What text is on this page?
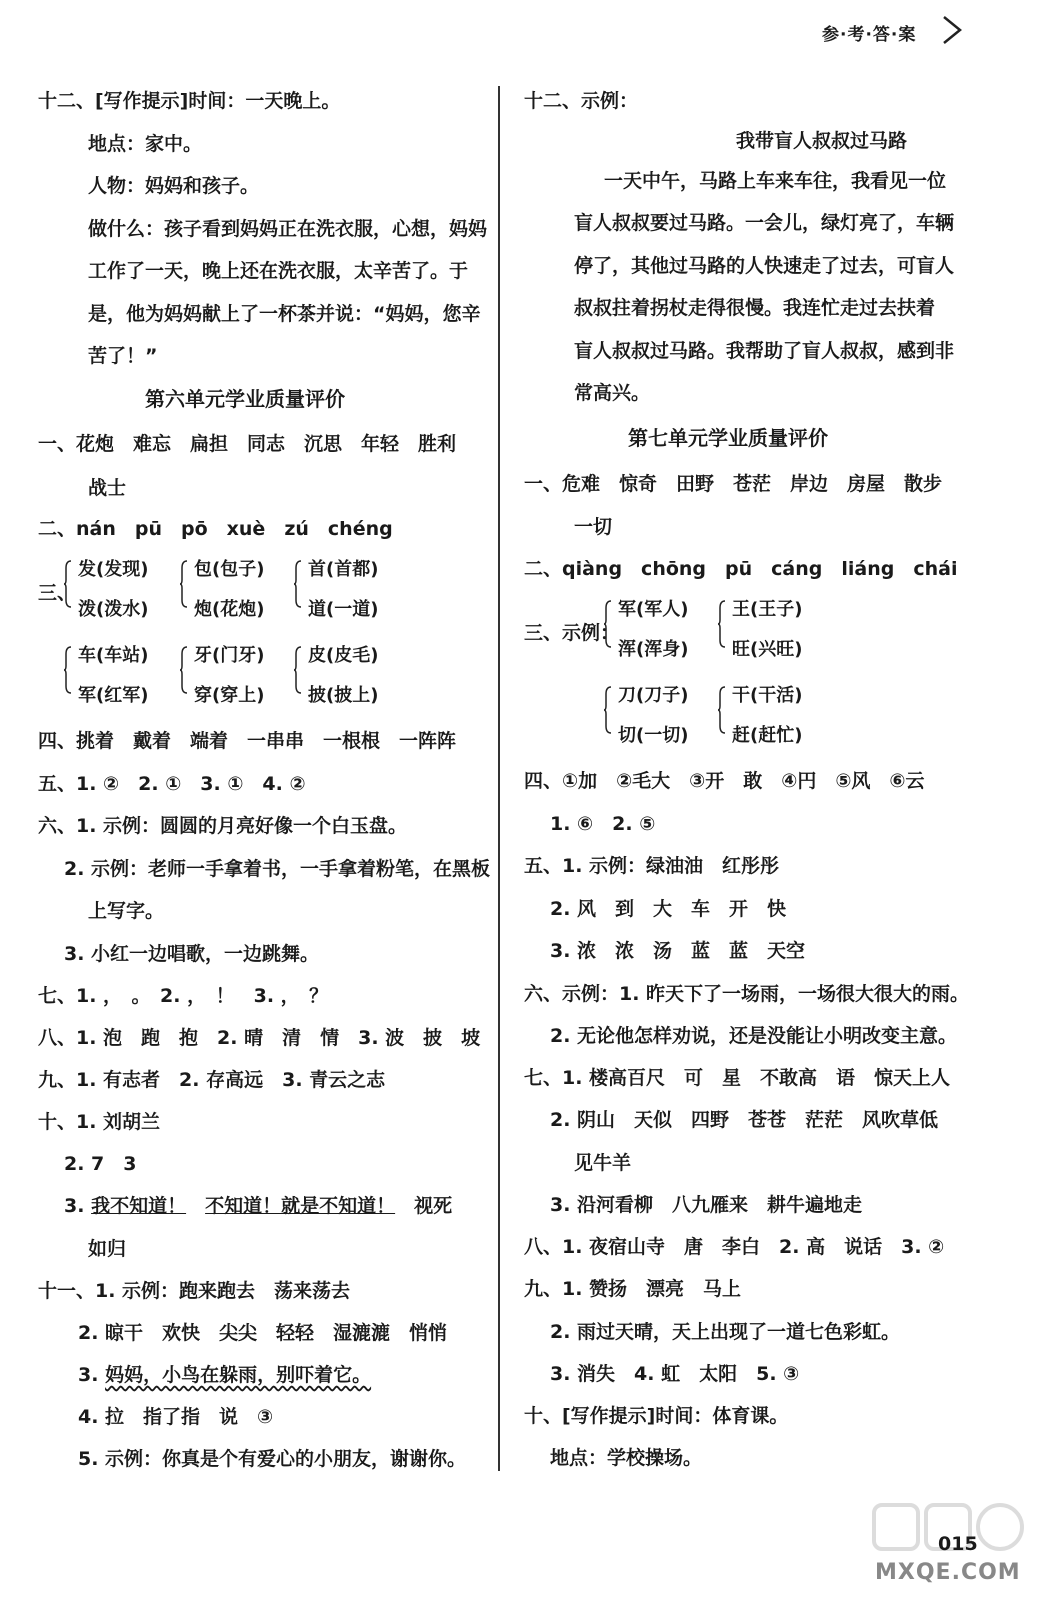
参·考·答·案
十二、[写作提示]时间：一天晚上。
地点：家中。
人物：妈妈和孩子。
做什么：孩子看到妈妈正在洗衣服，心想，妈妈
工作了一天，晚上还在洗衣服，太辛苦了。于
是，他为妈妈献上了一杯茶并说：“妈妈，您辛
苦了！”
第六单元学业质量评价
一、花炮　难忘　扁担　同志　沉思　年轻　胜利
战士
二、nán　pū　pō　xuè　zú　chéng
三、
发(发现)
泼(泼水)
包(包子)
炮(花炮)
首(首都)
道(一道)
车(车站)
军(红军)
牙(门牙)
穿(穿上)
皮(皮毛)
披(披上)
四、挑着　戴着　端着　一串串　一根根　一阵阵
五、1. ②　2. ①　3. ①　4. ②
六、1. 示例：圆圆的月亮好像一个白玉盘。
2. 示例：老师一手拿着书，一手拿着粉笔，在黑板
上写字。
3. 小红一边唱歌，一边跳舞。
七、1. ，　。　2. ，　！　3. ，　？
八、1. 泡　跑　抱　2. 晴　清　情　3. 波　披　坡
九、1. 有志者　2. 存高远　3. 青云之志
十、1. 刘胡兰
2. 7　3
3. 我不知道！　 不知道！就是不知道！　视死
如归
十一、1. 示例：跑来跑去　荡来荡去
2. 晾干　欢快　尖尖　轻轻　湿漉漉　悄悄
3. 妈妈，小鸟在躲雨，别吓着它。
4. 拉　指了指　说　③
5. 示例：你真是个有爱心的小朋友，谢谢你。
十二、示例：
我带盲人叔叔过马路
一天中午，马路上车来车往，我看见一位
盲人叔叔要过马路。一会儿，绿灯亮了，车辆
停了，其他过马路的人快速走了过去，可盲人
叔叔拄着拐杖走得很慢。我连忙走过去扶着
盲人叔叔过马路。我帮助了盲人叔叔，感到非
常高兴。
第七单元学业质量评价
一、危难　惊奇　田野　苍茫　岸边　房屋　散步
一切
二、qiàng　chōng　pū　cáng　liáng　chái
三、示例：
军(军人)
浑(浑身)
王(王子)
旺(兴旺)
刀(刀子)
切(一切)
干(干活)
赶(赶忙)
四、①加　②毛大　③开　敢　④円　⑤风　⑥云
1. ⑥　2. ⑤
五、1. 示例：绿油油　红彤彤
2. 风　到　大　车　开　快
3. 浓　浓　汤　蓝　蓝　天空
六、示例：1. 昨天下了一场雨，一场很大很大的雨。
2. 无论他怎样劝说，还是没能让小明改变主意。
七、1. 楼高百尺　可　星　不敢高　语　惊天上人
2. 阴山　天似　四野　苍苍　茫茫　风吹草低
见牛羊
3. 沿河看柳　八九雁来　耕牛遍地走
八、1. 夜宿山寺　唐　李白　2. 高　说话　3. ②
九、1. 赞扬　漂亮　马上
2. 雨过天晴，天上出现了一道七色彩虹。
3. 消失　4. 虹　太阳　5. ③
十、[写作提示]时间：体育课。
地点：学校操场。
MXQE.COM
015
